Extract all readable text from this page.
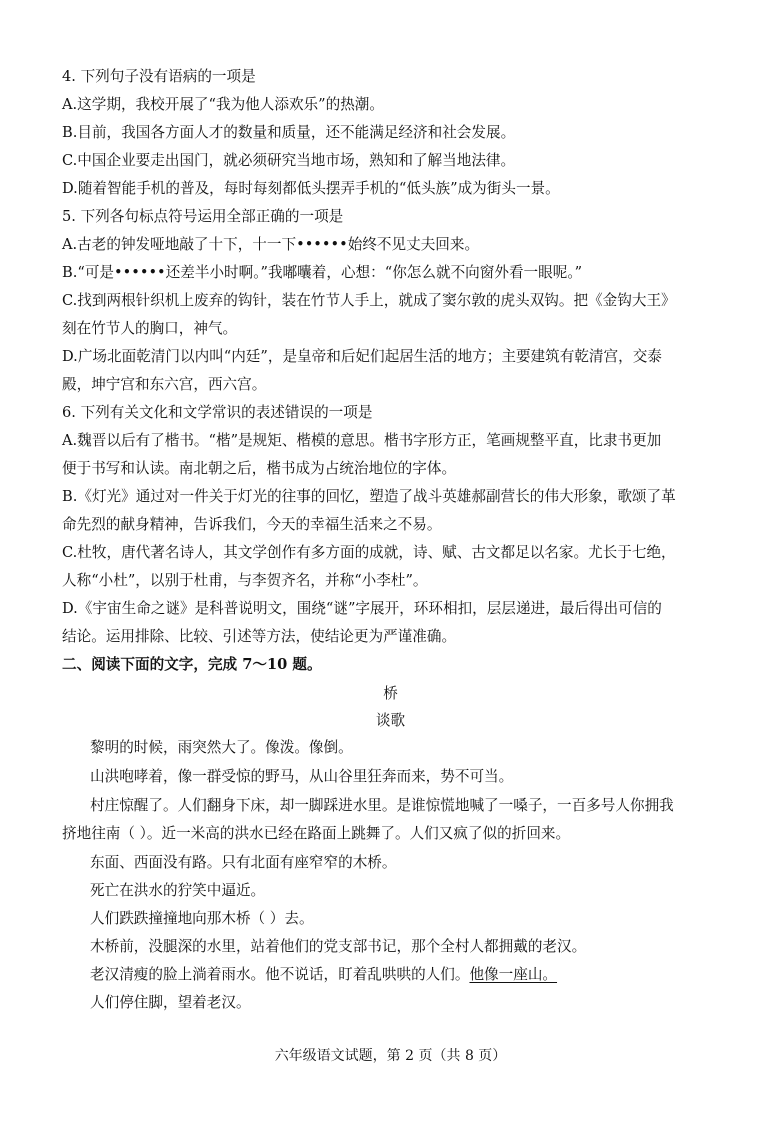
4. 下列句子没有语病的一项是
A.这学期，我校开展了“我为他人添欢乐”的热潮。
B.目前，我国各方面人才的数量和质量，还不能满足经济和社会发展。
C.中国企业要走出国门，就必须研究当地市场，熟知和了解当地法律。
D.随着智能手机的普及，每时每刻都低头摆弄手机的“低头族”成为街头一景。
5. 下列各句标点符号运用全部正确的一项是
A.古老的钟发哑地敲了十下，十一下••••••始终不见丈夫回来。
B.“可是••••••还差半小时啊。”我嘟囔着，心想：“你怎么就不向窗外看一眼呢。”
C.找到两根针织机上废弃的钩针，装在竹节人手上，就成了窦尔敦的虎头双钩。把《金钩大王》
刻在竹节人的胸口，神气。
D.广场北面乾清门以内叫“内廷”，是皇帝和后妃们起居生活的地方；主要建筑有乾清宫，交泰
殿，坤宁宫和东六宫，西六宫。
6. 下列有关文化和文学常识的表述错误的一项是
A.魏晋以后有了楷书。“楷”是规矩、楷模的意思。楷书字形方正，笔画规整平直，比隶书更加
便于书写和认读。南北朝之后，楷书成为占统治地位的字体。
B.《灯光》通过对一件关于灯光的往事的回忆，塑造了战斗英雄郝副营长的伟大形象，歌颂了革
命先烈的献身精神，告诉我们，今天的幸福生活来之不易。
C.杜牧，唐代著名诗人，其文学创作有多方面的成就，诗、赋、古文都足以名家。尤长于七绝，
人称“小杜”，以别于杜甫，与李贺齐名，并称“小李杜”。
D.《宇宙生命之谜》是科普说明文，围绕“谜”字展开，环环相扣，层层递进，最后得出可信的
结论。运用排除、比较、引述等方法，使结论更为严谨准确。
二、阅读下面的文字，完成 7～10 题。
桥
谈歌
黎明的时候，雨突然大了。像泼。像倒。
山洪咆哮着，像一群受惊的野马，从山谷里狂奔而来，势不可当。
村庄惊醒了。人们翻身下床，却一脚踩进水里。是谁惊慌地喊了一嗓子，一百多号人你拥我
挤地往南（ ）。近一米高的洪水已经在路面上跳舞了。人们又疯了似的折回来。
东面、西面没有路。只有北面有座窄窄的木桥。
死亡在洪水的狞笑中逼近。
人们跌跌撞撞地向那木桥（ ）去。
木桥前，没腿深的水里，站着他们的党支部书记，那个全村人都拥戴的老汉。
老汉清瘦的脸上淌着雨水。他不说话，盯着乱哄哄的人们。他像一座山。
人们停住脚，望着老汉。
六年级语文试题，第 2 页（共 8 页）
